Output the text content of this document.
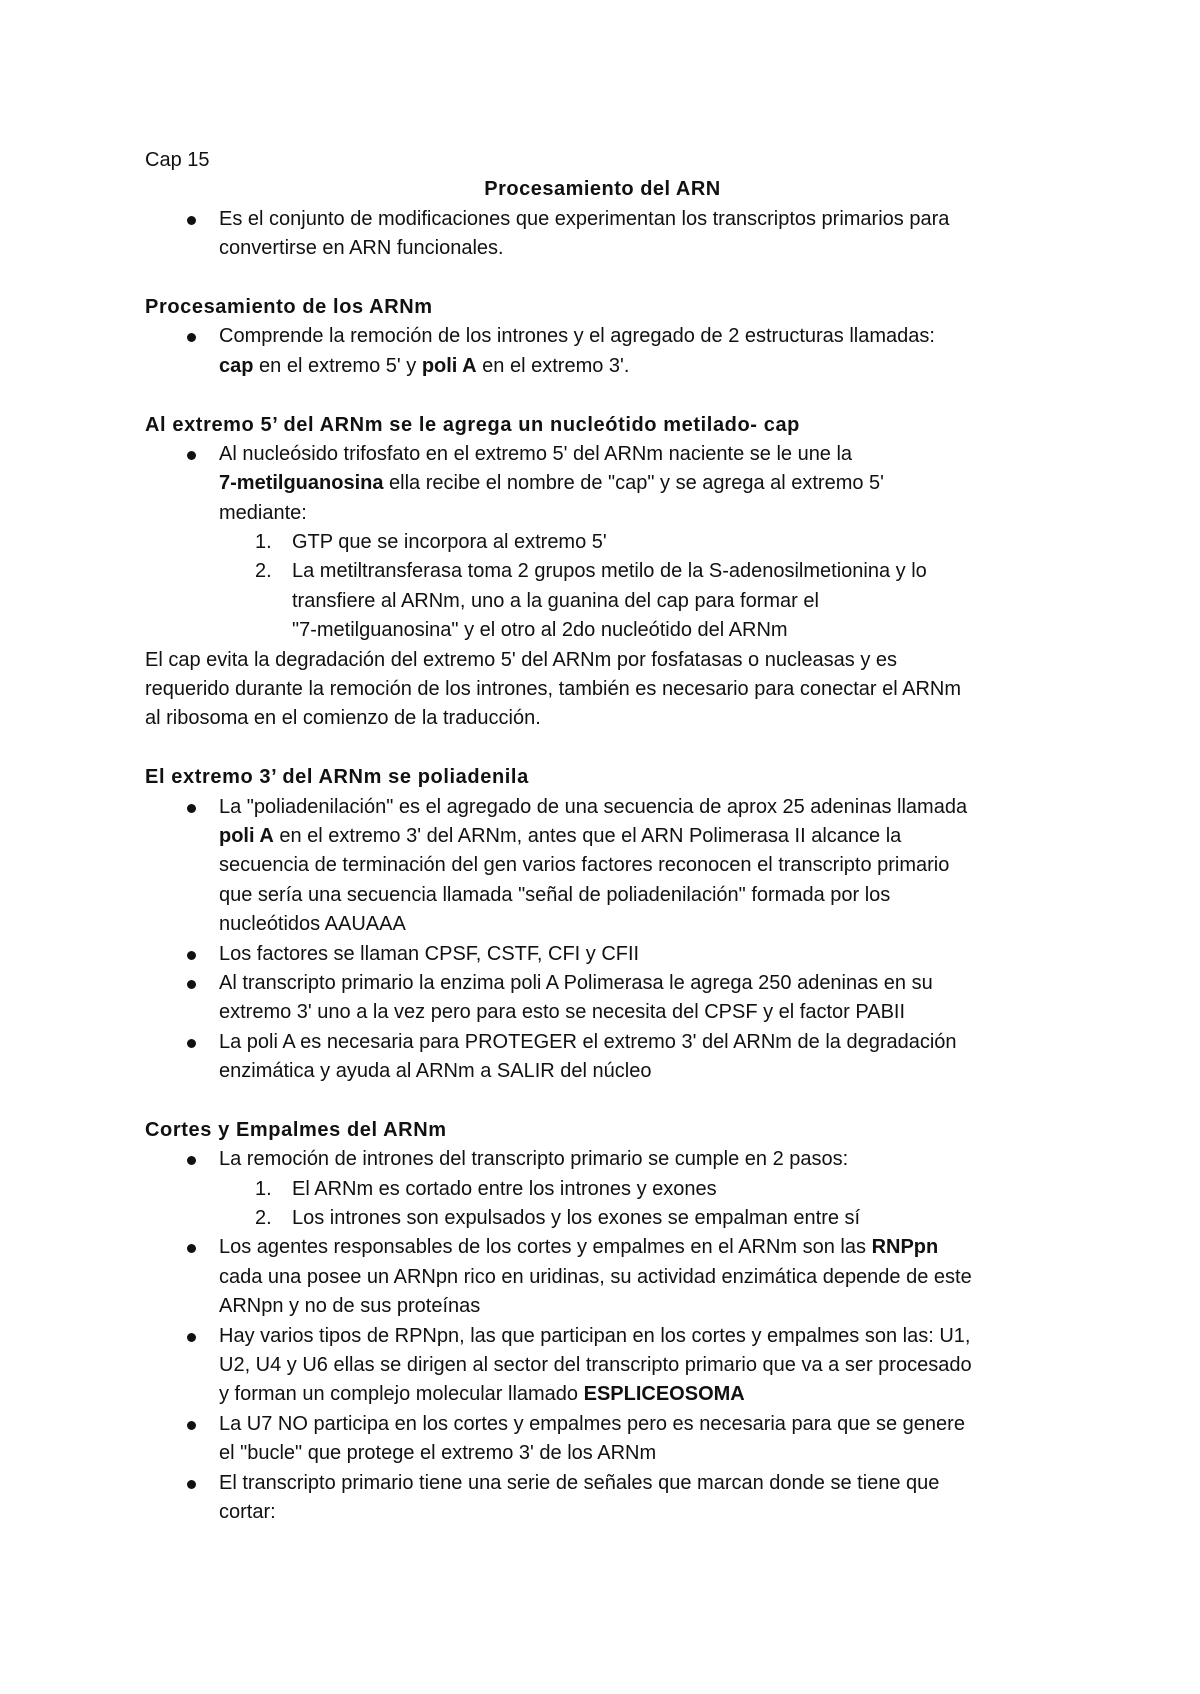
Cap 15
Procesamiento del ARN
Es el conjunto de modificaciones que experimentan los transcriptos primarios para
convertirse en ARN funcionales.
Procesamiento de los ARNm
Comprende la remoción de los intrones y el agregado de 2 estructuras llamadas:
cap en el extremo 5' y poli A en el extremo 3'.
Al extremo 5’ del ARNm se le agrega un nucleótido metilado- cap
Al nucleósido trifosfato en el extremo 5' del ARNm naciente se le une la
7-metilguanosina ella recibe el nombre de "cap" y se agrega al extremo 5'
mediante:
1. GTP que se incorpora al extremo 5'
2. La metiltransferasa toma 2 grupos metilo de la S-adenosilmetionina y lo
transfiere al ARNm, uno a la guanina del cap para formar el
"7-metilguanosina" y el otro al 2do nucleótido del ARNm
El cap evita la degradación del extremo 5' del ARNm por fosfatasas o nucleasas y es
requerido durante la remoción de los intrones, también es necesario para conectar el ARNm
al ribosoma en el comienzo de la traducción.
El extremo 3’ del ARNm se poliadenila
La "poliadenilación" es el agregado de una secuencia de aprox 25 adeninas llamada
poli A en el extremo 3' del ARNm, antes que el ARN Polimerasa II alcance la
secuencia de terminación del gen varios factores reconocen el transcripto primario
que sería una secuencia llamada "señal de poliadenilación" formada por los
nucleótidos AAUAAA
Los factores se llaman CPSF, CSTF, CFI y CFII
Al transcripto primario la enzima poli A Polimerasa le agrega 250 adeninas en su
extremo 3' uno a la vez pero para esto se necesita del CPSF y el factor PABII
La poli A es necesaria para PROTEGER el extremo 3' del ARNm de la degradación
enzimática y ayuda al ARNm a SALIR del núcleo
Cortes y Empalmes del ARNm
La remoción de intrones del transcripto primario se cumple en 2 pasos:
1. El ARNm es cortado entre los intrones y exones
2. Los intrones son expulsados y los exones se empalman entre sí
Los agentes responsables de los cortes y empalmes en el ARNm son las RNPpn
cada una posee un ARNpn rico en uridinas, su actividad enzimática depende de este
ARNpn y no de sus proteínas
Hay varios tipos de RPNpn, las que participan en los cortes y empalmes son las: U1,
U2, U4 y U6 ellas se dirigen al sector del transcripto primario que va a ser procesado
y forman un complejo molecular llamado ESPLICEOSOMA
La U7 NO participa en los cortes y empalmes pero es necesaria para que se genere
el "bucle" que protege el extremo 3' de los ARNm
El transcripto primario tiene una serie de señales que marcan donde se tiene que
cortar:
